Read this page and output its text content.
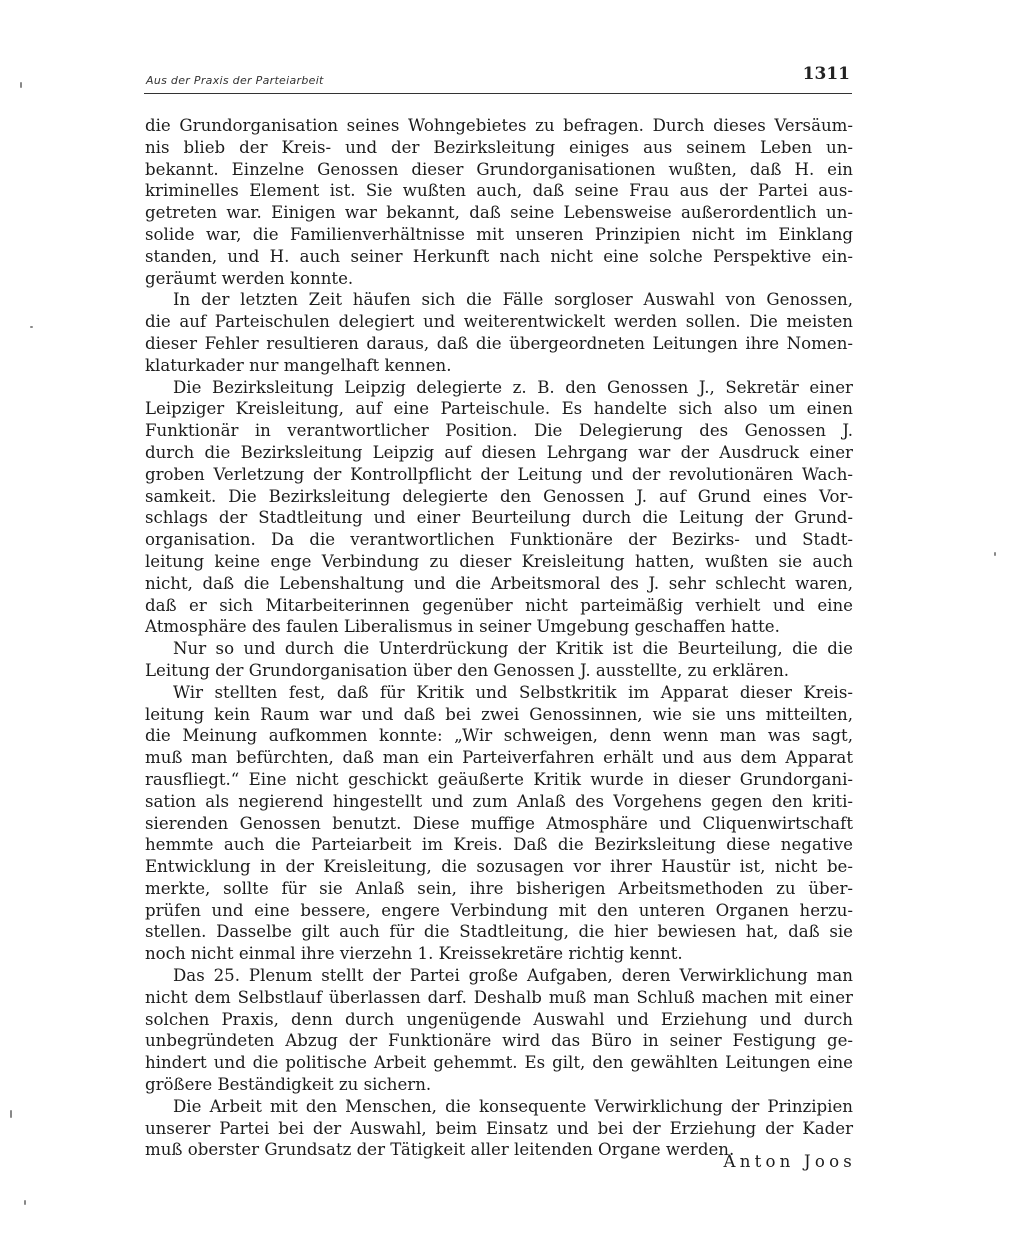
Aus der Praxis der Parteiarbeit	1311
die Grundorganisation seines Wohngebietes zu befragen. Durch dieses Versäum-
nis blieb der Kreis- und der Bezirksleitung einiges aus seinem Leben un-
bekannt. Einzelne Genossen dieser Grundorganisationen wußten, daß H. ein
kriminelles Element ist. Sie wußten auch, daß seine Frau aus der Partei aus-
getreten war. Einigen war bekannt, daß seine Lebensweise außerordentlich un-
solide war, die Familienverhältnisse mit unseren Prinzipien nicht im Einklang
standen, und H. auch seiner Herkunft nach nicht eine solche Perspektive ein-
geräumt werden konnte.
In der letzten Zeit häufen sich die Fälle sorgloser Auswahl von Genossen,
die auf Parteischulen delegiert und weiterentwickelt werden sollen. Die meisten
dieser Fehler resultieren daraus, daß die übergeordneten Leitungen ihre Nomen-
klaturkader nur mangelhaft kennen.
Die Bezirksleitung Leipzig delegierte z. B. den Genossen J., Sekretär einer
Leipziger Kreisleitung, auf eine Parteischule. Es handelte sich also um einen
Funktionär in verantwortlicher Position. Die Delegierung des Genossen J.
durch die Bezirksleitung Leipzig auf diesen Lehrgang war der Ausdruck einer
groben Verletzung der Kontrollpflicht der Leitung und der revolutionären Wach-
samkeit. Die Bezirksleitung delegierte den Genossen J. auf Grund eines Vor-
schlags der Stadtleitung und einer Beurteilung durch die Leitung der Grund-
organisation. Da die verantwortlichen Funktionäre der Bezirks- und Stadt-
leitung keine enge Verbindung zu dieser Kreisleitung hatten, wußten sie auch
nicht, daß die Lebenshaltung und die Arbeitsmoral des J. sehr schlecht waren,
daß er sich Mitarbeiterinnen gegenüber nicht parteimäßig verhielt und eine
Atmosphäre des faulen Liberalismus in seiner Umgebung geschaffen hatte.
Nur so und durch die Unterdrückung der Kritik ist die Beurteilung, die die
Leitung der Grundorganisation über den Genossen J. ausstellte, zu erklären.
Wir stellten fest, daß für Kritik und Selbstkritik im Apparat dieser Kreis-
leitung kein Raum war und daß bei zwei Genossinnen, wie sie uns mitteilten,
die Meinung aufkommen konnte: „Wir schweigen, denn wenn man was sagt,
muß man befürchten, daß man ein Parteiverfahren erhält und aus dem Apparat
rausfliegt.“ Eine nicht geschickt geäußerte Kritik wurde in dieser Grundorgani-
sation als negierend hingestellt und zum Anlaß des Vorgehens gegen den kriti-
sierenden Genossen benutzt. Diese muffige Atmosphäre und Cliquenwirtschaft
hemmte auch die Parteiarbeit im Kreis. Daß die Bezirksleitung diese negative
Entwicklung in der Kreisleitung, die sozusagen vor ihrer Haustür ist, nicht be-
merkte, sollte für sie Anlaß sein, ihre bisherigen Arbeitsmethoden zu über-
prüfen und eine bessere, engere Verbindung mit den unteren Organen herzu-
stellen. Dasselbe gilt auch für die Stadtleitung, die hier bewiesen hat, daß sie
noch nicht einmal ihre vierzehn 1. Kreissekretäre richtig kennt.
Das 25. Plenum stellt der Partei große Aufgaben, deren Verwirklichung man
nicht dem Selbstlauf überlassen darf. Deshalb muß man Schluß machen mit einer
solchen Praxis, denn durch ungenügende Auswahl und Erziehung und durch
unbegründeten Abzug der Funktionäre wird das Büro in seiner Festigung ge-
hindert und die politische Arbeit gehemmt. Es gilt, den gewählten Leitungen eine
größere Beständigkeit zu sichern.
Die Arbeit mit den Menschen, die konsequente Verwirklichung der Prinzipien
unserer Partei bei der Auswahl, beim Einsatz und bei der Erziehung der Kader
muß oberster Grundsatz der Tätigkeit aller leitenden Organe werden.
Anton Joos
